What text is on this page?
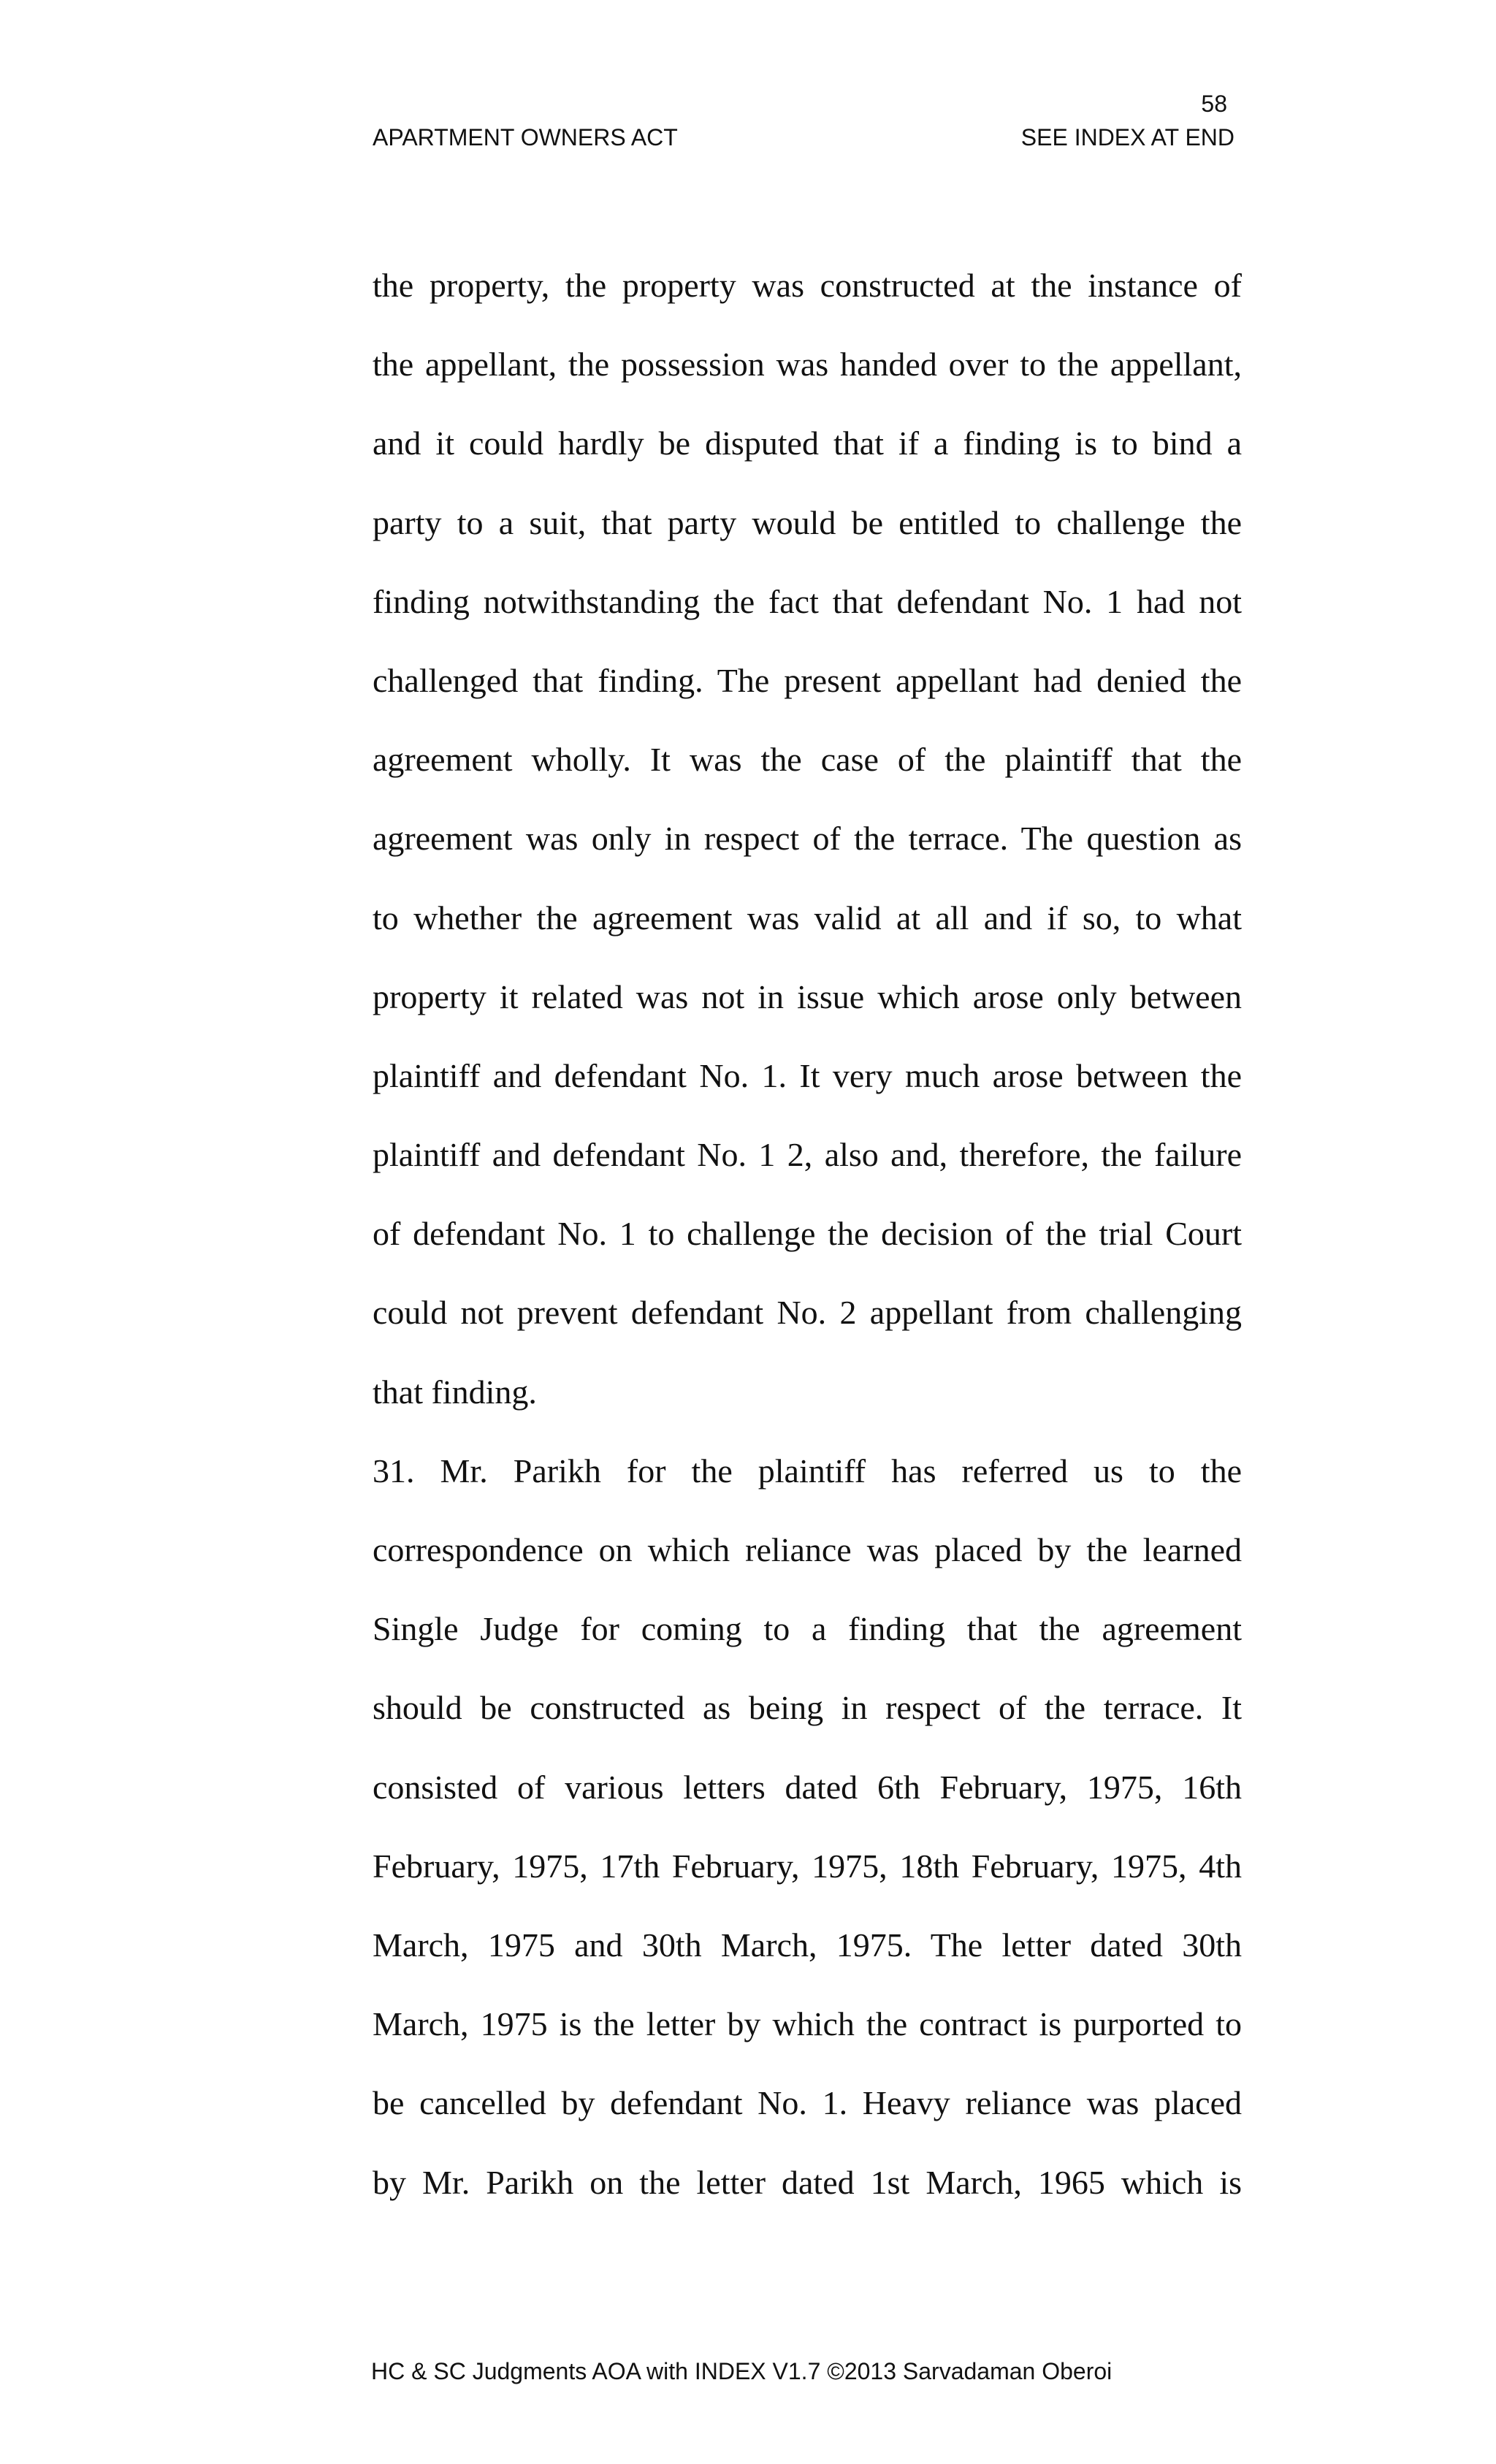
58
APARTMENT OWNERS ACT	SEE INDEX AT END
the property, the property was constructed at the instance of
the appellant, the possession was handed over to the appellant,
and it could hardly be disputed that if a finding is to bind a
party to a suit, that party would be entitled to challenge the
finding notwithstanding the fact that defendant No. 1 had not
challenged that finding. The present appellant had denied the
agreement wholly. It was the case of the plaintiff that the
agreement was only in respect of the terrace. The question as
to whether the agreement was valid at all and if so, to what
property it related was not in issue which arose only between
plaintiff and defendant No. 1. It very much arose between the
plaintiff and defendant No. 1 2, also and, therefore, the failure
of defendant No. 1 to challenge the decision of the trial Court
could not prevent defendant No. 2 appellant from challenging
that finding.
31. Mr. Parikh for the plaintiff has referred us to the
correspondence on which reliance was placed by the learned
Single Judge for coming to a finding that the agreement
should be constructed as being in respect of the terrace. It
consisted of various letters dated 6th February, 1975, 16th
February, 1975, 17th February, 1975, 18th February, 1975, 4th
March, 1975 and 30th March, 1975. The letter dated 30th
March, 1975 is the letter by which the contract is purported to
be cancelled by defendant No. 1. Heavy reliance was placed
by Mr. Parikh on the letter dated 1st March, 1965 which is
HC & SC Judgments AOA with INDEX V1.7 ©2013 Sarvadaman Oberoi
